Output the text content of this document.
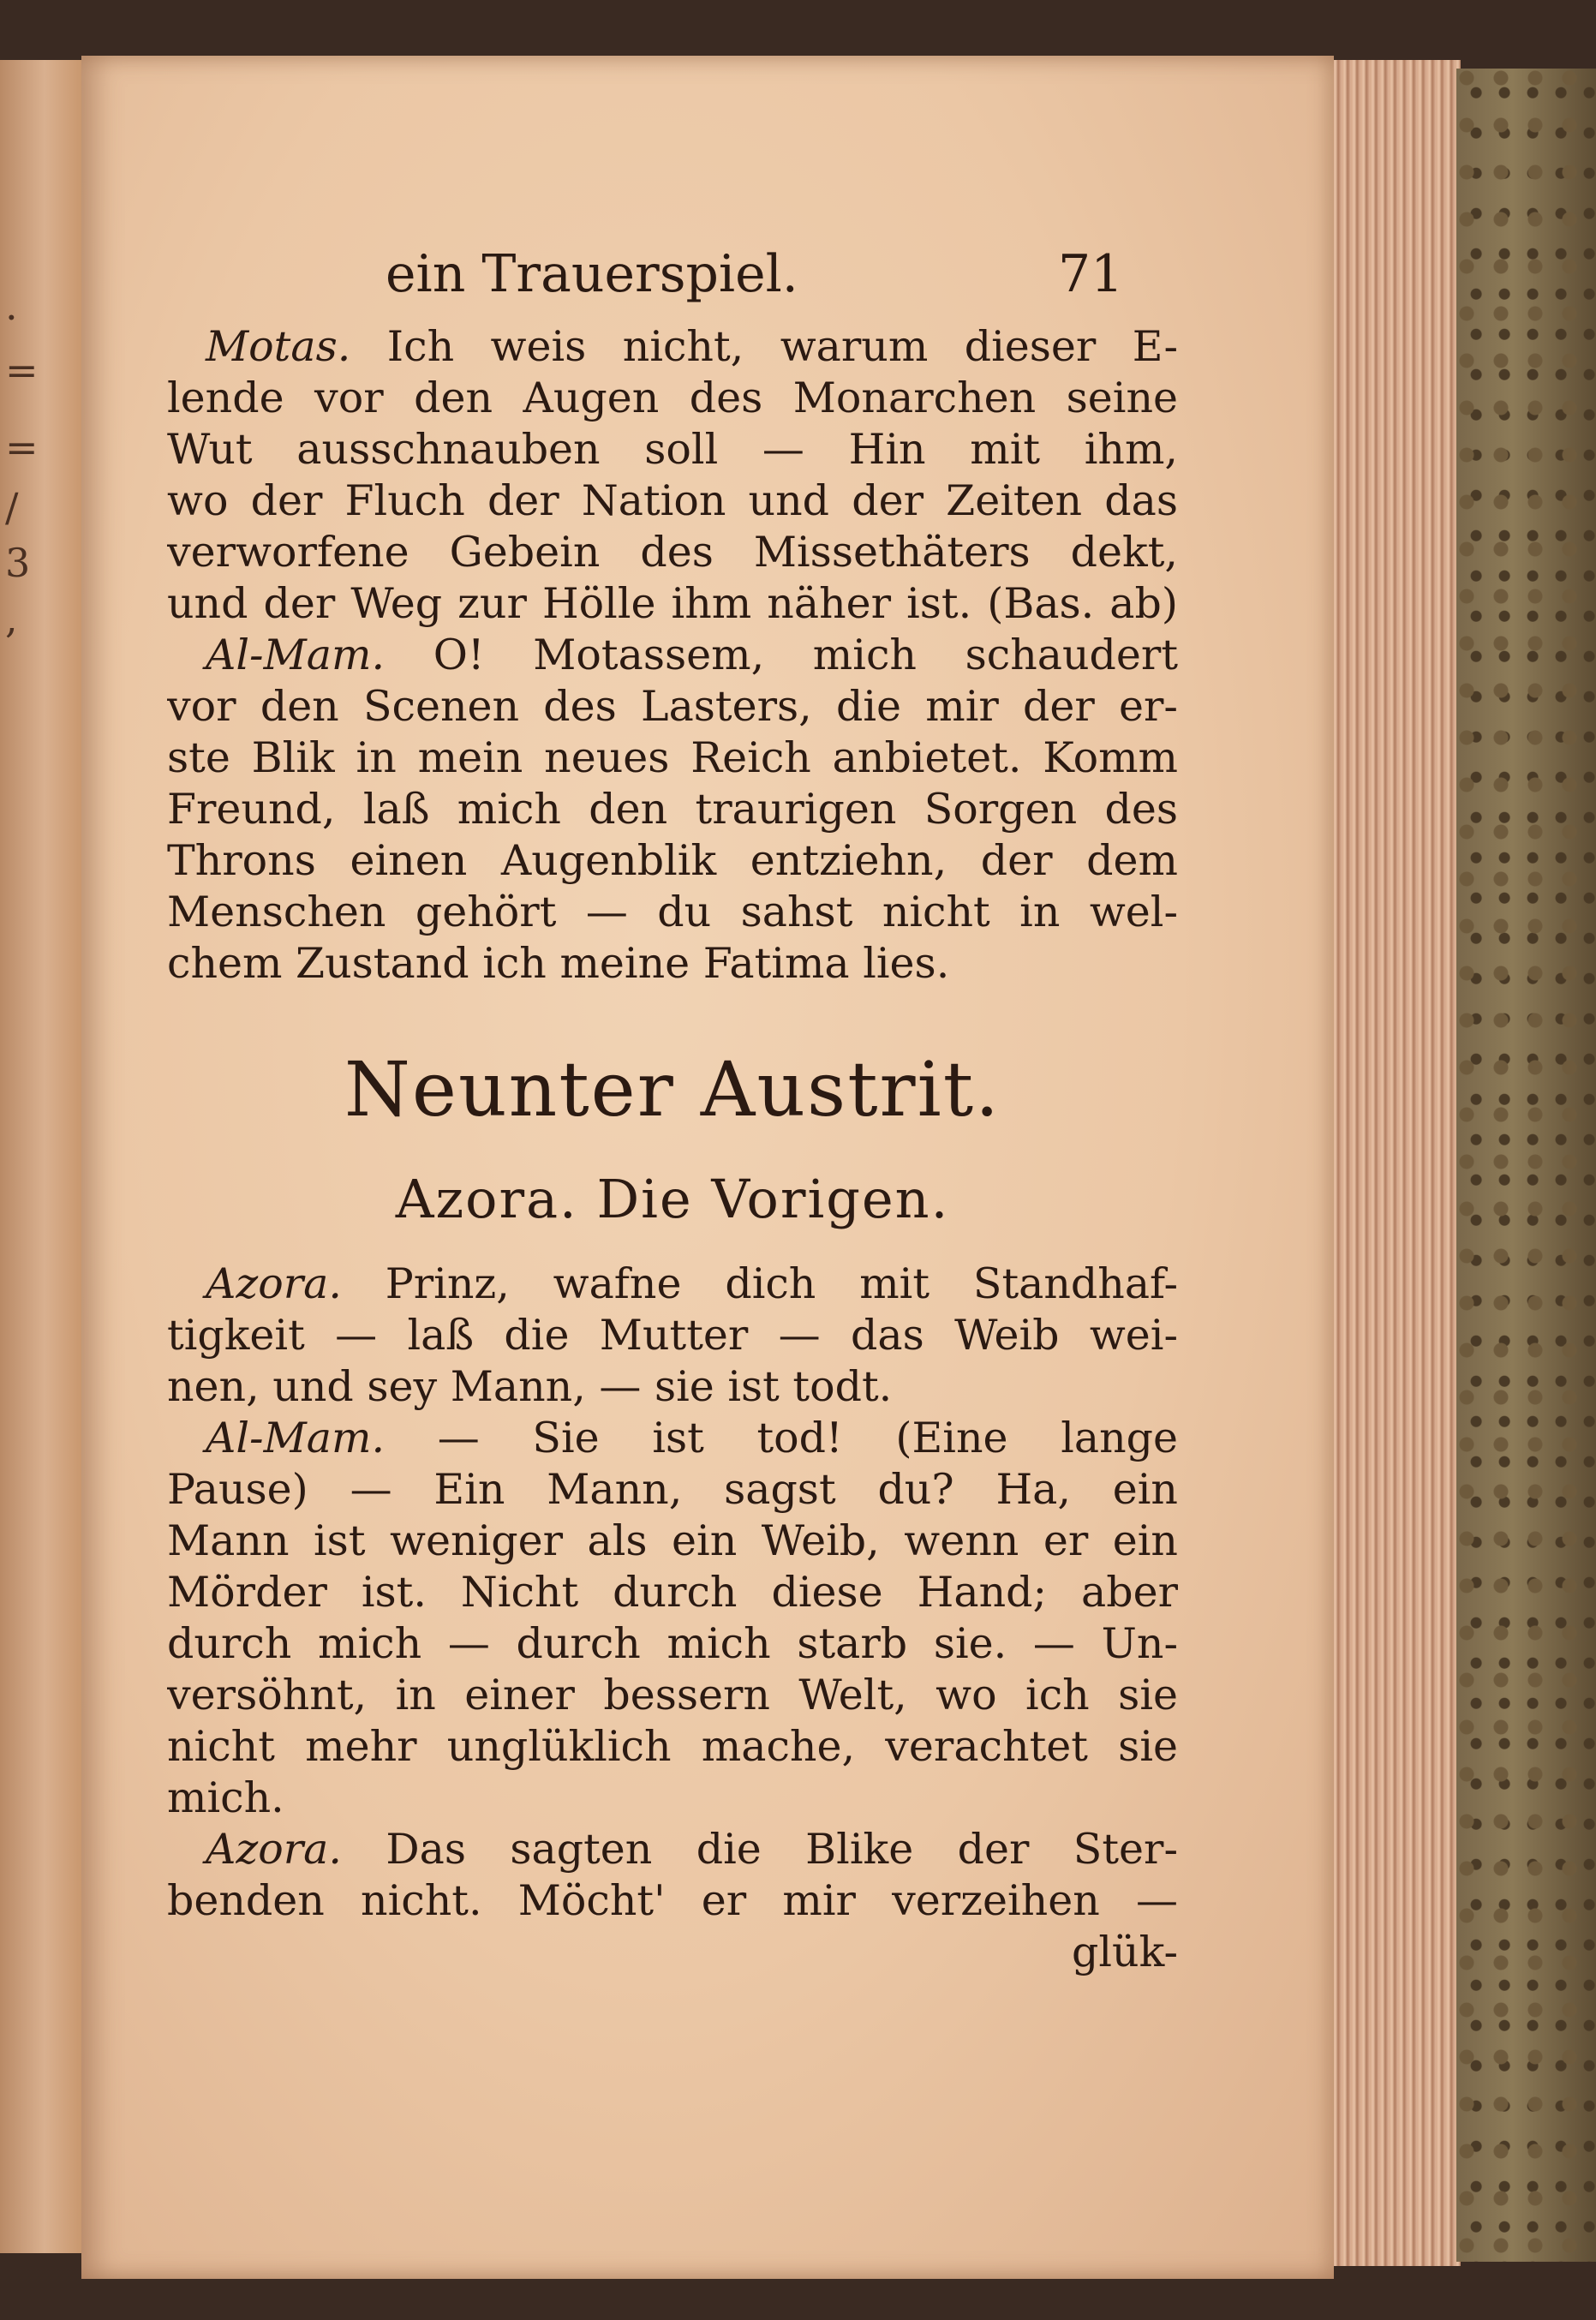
.
=
=
/
3
,
ein Trauerspiel.	71
Motas. Ich weis nicht, warum dieser E-
lende vor den Augen des Monarchen seine
Wut ausschnauben soll — Hin mit ihm,
wo der Fluch der Nation und der Zeiten das
verworfene Gebein des Missethäters dekt,
und der Weg zur Hölle ihm näher ist. (Bas. ab)
Al-Mam. O! Motassem, mich schaudert
vor den Scenen des Lasters, die mir der er-
ste Blik in mein neues Reich anbietet. Komm
Freund, laß mich den traurigen Sorgen des
Throns einen Augenblik entziehn, der dem
Menschen gehört — du sahst nicht in wel-
chem Zustand ich meine Fatima lies.
Neunter Austrit.
Azora. Die Vorigen.
Azora. Prinz, wafne dich mit Standhaf-
tigkeit — laß die Mutter — das Weib wei-
nen, und sey Mann, — sie ist todt.
Al-Mam. — Sie ist tod! (Eine lange
Pause) — Ein Mann, sagst du? Ha, ein
Mann ist weniger als ein Weib, wenn er ein
Mörder ist. Nicht durch diese Hand; aber
durch mich — durch mich starb sie. — Un-
versöhnt, in einer bessern Welt, wo ich sie
nicht mehr unglüklich mache, verachtet sie
mich.
Azora. Das sagten die Blike der Ster-
benden nicht. Möcht' er mir verzeihen —
glük-
